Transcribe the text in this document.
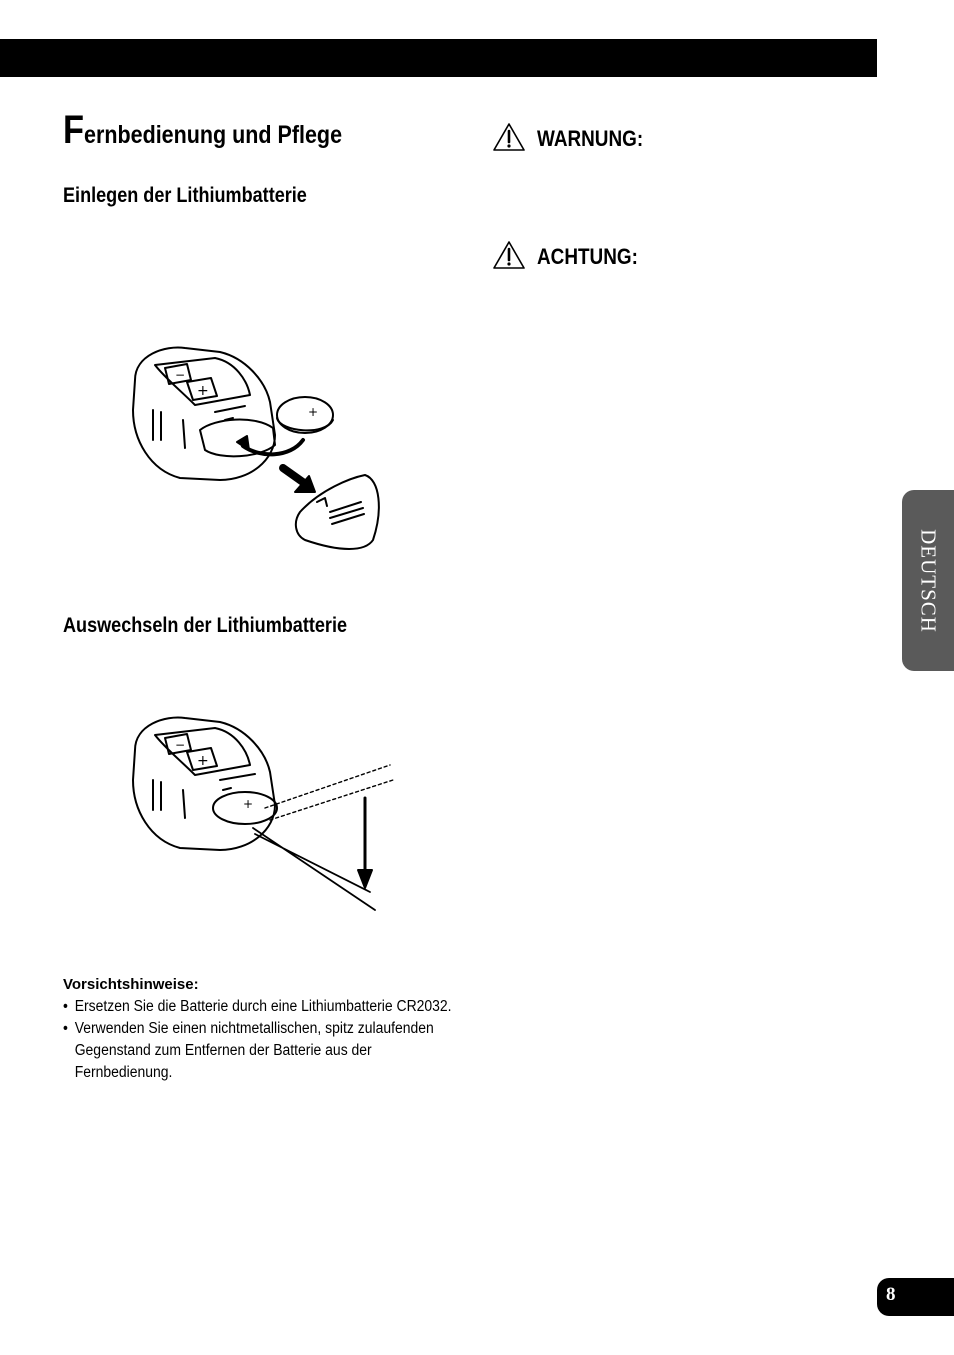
Fernbedienung und Pflege
Einlegen der Lithiumbatterie
−
+
+
Auswechseln der Lithiumbatterie
−
+
+
Vorsichtshinweise:
• Ersetzen Sie die Batterie durch eine Lithiumbatterie CR2032.
• Verwenden Sie einen nichtmetallischen, spitz zulaufenden Gegenstand zum Entfernen der Batterie aus der Fernbedienung.
WARNUNG:
ACHTUNG:
DEUTSCH
8
